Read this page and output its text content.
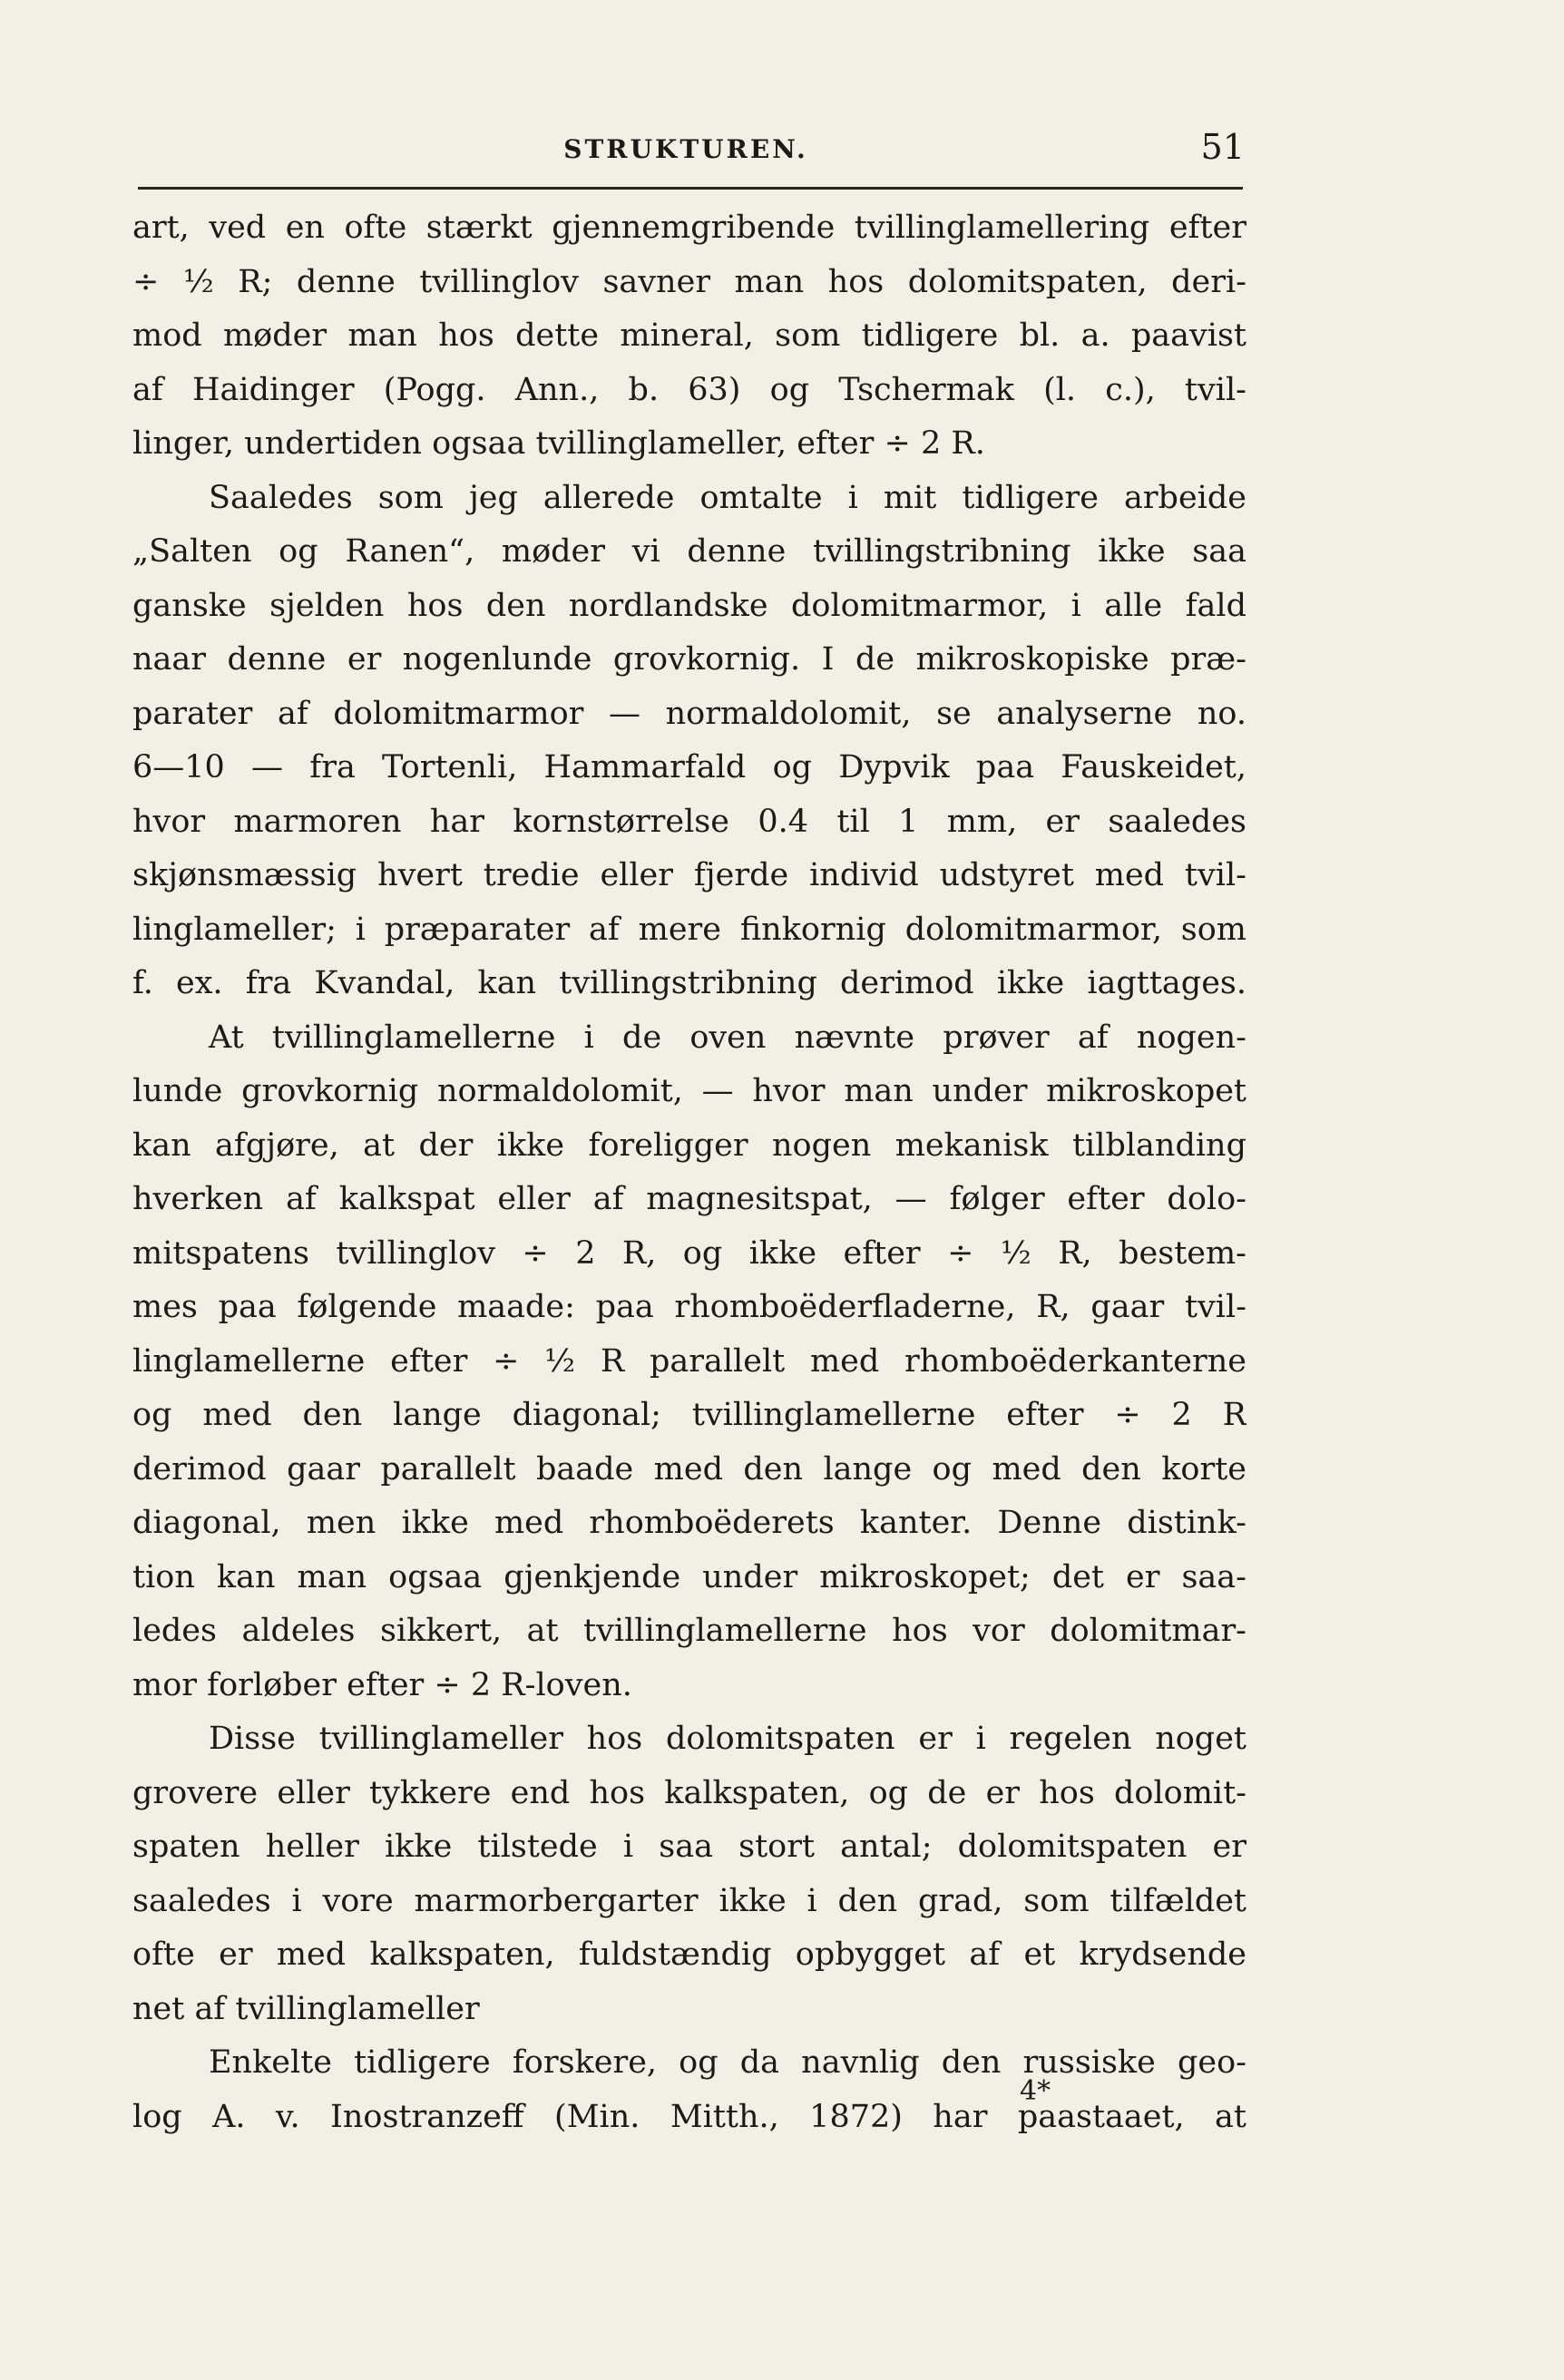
STRUKTUREN.	51
art, ved en ofte stærkt gjennemgribende tvillinglamellering efter
÷ ½ R; denne tvillinglov savner man hos dolomitspaten, deri-
mod møder man hos dette mineral, som tidligere bl. a. paavist
af Haidinger (Pogg. Ann., b. 63) og Tschermak (l. c.), tvil-
linger, undertiden ogsaa tvillinglameller, efter ÷ 2 R.
Saaledes som jeg allerede omtalte i mit tidligere arbeide
„Salten og Ranen“, møder vi denne tvillingstribning ikke saa
ganske sjelden hos den nordlandske dolomitmarmor, i alle fald
naar denne er nogenlunde grovkornig. I de mikroskopiske præ-
parater af dolomitmarmor — normaldolomit, se analyserne no.
6—10 — fra Tortenli, Hammarfald og Dypvik paa Fauskeidet,
hvor marmoren har kornstørrelse 0.4 til 1 mm, er saaledes
skjønsmæssig hvert tredie eller fjerde individ udstyret med tvil-
linglameller; i præparater af mere finkornig dolomitmarmor, som
f. ex. fra Kvandal, kan tvillingstribning derimod ikke iagttages.
At tvillinglamellerne i de oven nævnte prøver af nogen-
lunde grovkornig normaldolomit, — hvor man under mikroskopet
kan afgjøre, at der ikke foreligger nogen mekanisk tilblanding
hverken af kalkspat eller af magnesitspat, — følger efter dolo-
mitspatens tvillinglov ÷ 2 R, og ikke efter ÷ ½ R, bestem-
mes paa følgende maade: paa rhomboëderfladerne, R, gaar tvil-
linglamellerne efter ÷ ½ R parallelt med rhomboëderkanterne
og med den lange diagonal; tvillinglamellerne efter ÷ 2 R
derimod gaar parallelt baade med den lange og med den korte
diagonal, men ikke med rhomboëderets kanter. Denne distink-
tion kan man ogsaa gjenkjende under mikroskopet; det er saa-
ledes aldeles sikkert, at tvillinglamellerne hos vor dolomitmar-
mor forløber efter ÷ 2 R-loven.
Disse tvillinglameller hos dolomitspaten er i regelen noget
grovere eller tykkere end hos kalkspaten, og de er hos dolomit-
spaten heller ikke tilstede i saa stort antal; dolomitspaten er
saaledes i vore marmorbergarter ikke i den grad, som tilfældet
ofte er med kalkspaten, fuldstændig opbygget af et krydsende
net af tvillinglameller
Enkelte tidligere forskere, og da navnlig den russiske geo-
log A. v. Inostranzeff (Min. Mitth., 1872) har paastaaet, at
4*
